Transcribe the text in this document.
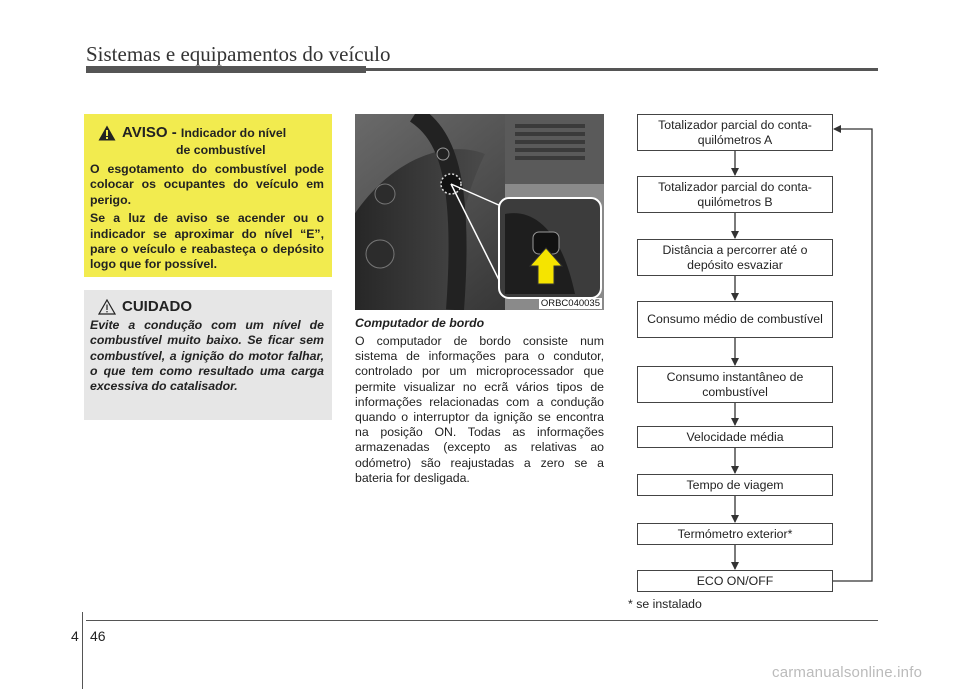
Sistemas e equipamentos do veículo
AVISO - Indicador do nível
de combustível

O esgotamento do combustível pode colocar os ocupantes do veículo em perigo.

Se a luz de aviso se acender ou o indicador se aproximar do nível “E”, pare o veículo e reabasteça o depósito logo que for possível.

CUIDADO

Evite a condução com um nível de combustível muito baixo. Se ficar sem combustível, a ignição do motor falhar, o que tem como resultado uma carga excessiva do catalisador.

ORBC040035
Computador de bordo
O computador de bordo consiste num sistema de informações para o condutor, controlado por um microprocessador que permite visualizar no ecrã vários tipos de informações relacionadas com a condução quando o interruptor da ignição se encontra na posição ON. Todas as informações armazenadas (excepto as relativas ao odómetro) são reajustadas a zero se a bateria for desligada.
Totalizador parcial do conta-quilómetros A
Totalizador parcial do conta-quilómetros B
Distância a percorrer até o depósito esvaziar
Consumo médio de combustível
Consumo instantâneo de combustível
Velocidade média
Tempo de viagem
Termómetro exterior*
ECO ON/OFF
* se instalado
4 46
carmanualsonline.info
